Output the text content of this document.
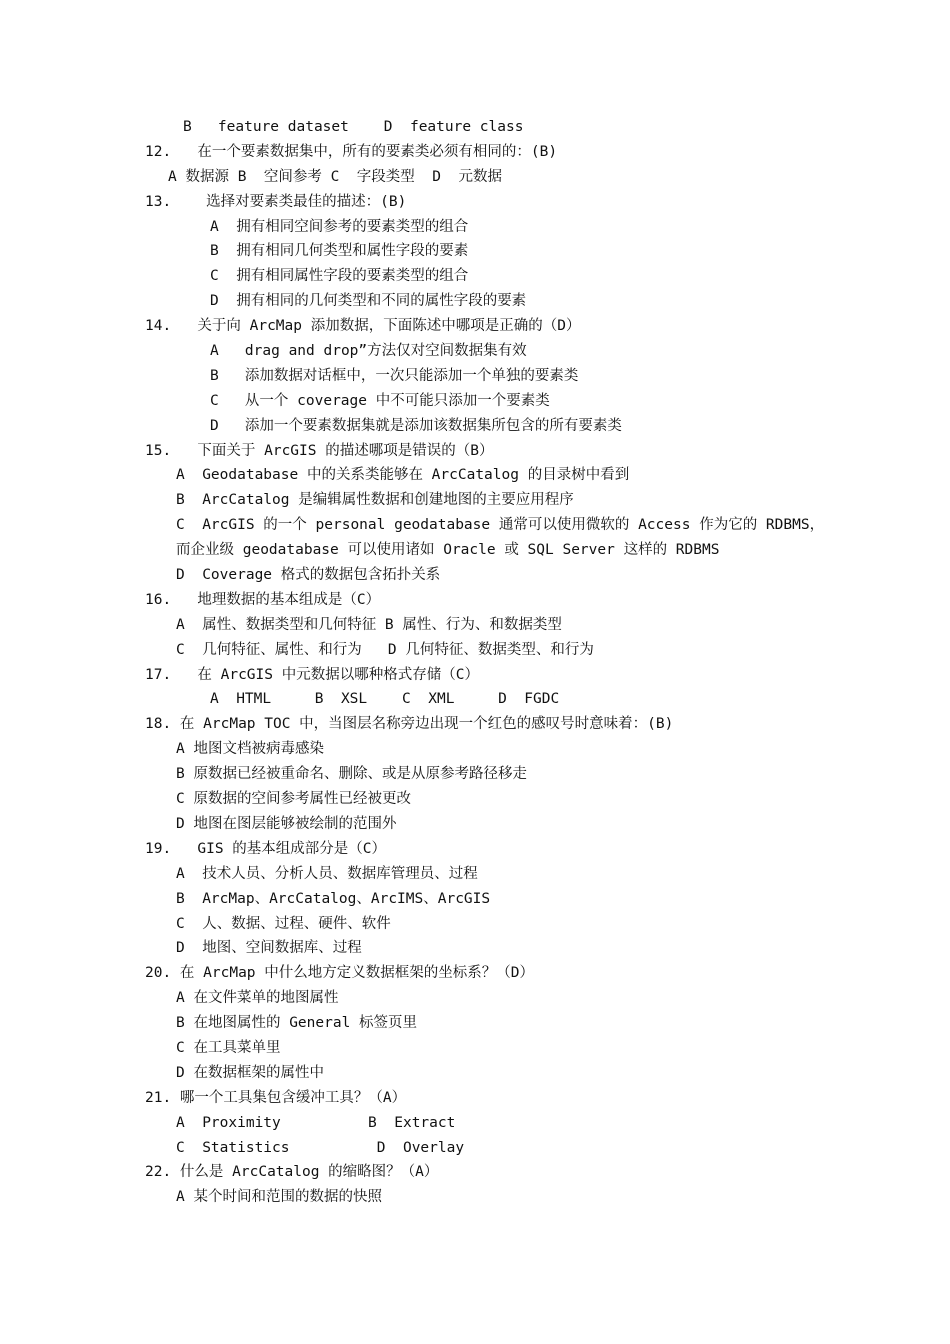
B   feature dataset    D  feature class
12.   在一个要素数据集中，所有的要素类必须有相同的：(B)
A 数据源 B  空间参考 C  字段类型  D  元数据
13.    选择对要素类最佳的描述：(B)
A  拥有相同空间参考的要素类型的组合
B  拥有相同几何类型和属性字段的要素
C  拥有相同属性字段的要素类型的组合
D  拥有相同的几何类型和不同的属性字段的要素
14.   关于向 ArcMap 添加数据，下面陈述中哪项是正确的（D）
A   drag and drop”方法仅对空间数据集有效
B   添加数据对话框中，一次只能添加一个单独的要素类
C   从一个 coverage 中不可能只添加一个要素类
D   添加一个要素数据集就是添加该数据集所包含的所有要素类
15.   下面关于 ArcGIS 的描述哪项是错误的（B）
A  Geodatabase 中的关系类能够在 ArcCatalog 的目录树中看到
B  ArcCatalog 是编辑属性数据和创建地图的主要应用程序
C  ArcGIS 的一个 personal geodatabase 通常可以使用微软的 Access 作为它的 RDBMS，
而企业级 geodatabase 可以使用诸如 Oracle 或 SQL Server 这样的 RDBMS
D  Coverage 格式的数据包含拓扑关系
16.   地理数据的基本组成是（C）
A  属性、数据类型和几何特征 B 属性、行为、和数据类型
C  几何特征、属性、和行为   D 几何特征、数据类型、和行为
17.   在 ArcGIS 中元数据以哪种格式存储（C）
A  HTML     B  XSL    C  XML     D  FGDC
18. 在 ArcMap TOC 中，当图层名称旁边出现一个红色的感叹号时意味着：(B)
A 地图文档被病毒感染
B 原数据已经被重命名、删除、或是从原参考路径移走
C 原数据的空间参考属性已经被更改
D 地图在图层能够被绘制的范围外
19.   GIS 的基本组成部分是（C）
A  技术人员、分析人员、数据库管理员、过程
B  ArcMap、ArcCatalog、ArcIMS、ArcGIS
C  人、数据、过程、硬件、软件
D  地图、空间数据库、过程
20. 在 ArcMap 中什么地方定义数据框架的坐标系？（D）
A 在文件菜单的地图属性
B 在地图属性的 General 标签页里
C 在工具菜单里
D 在数据框架的属性中
21. 哪一个工具集包含缓冲工具？（A）
A  Proximity          B  Extract
C  Statistics          D  Overlay
22. 什么是 ArcCatalog 的缩略图？（A）
A 某个时间和范围的数据的快照
